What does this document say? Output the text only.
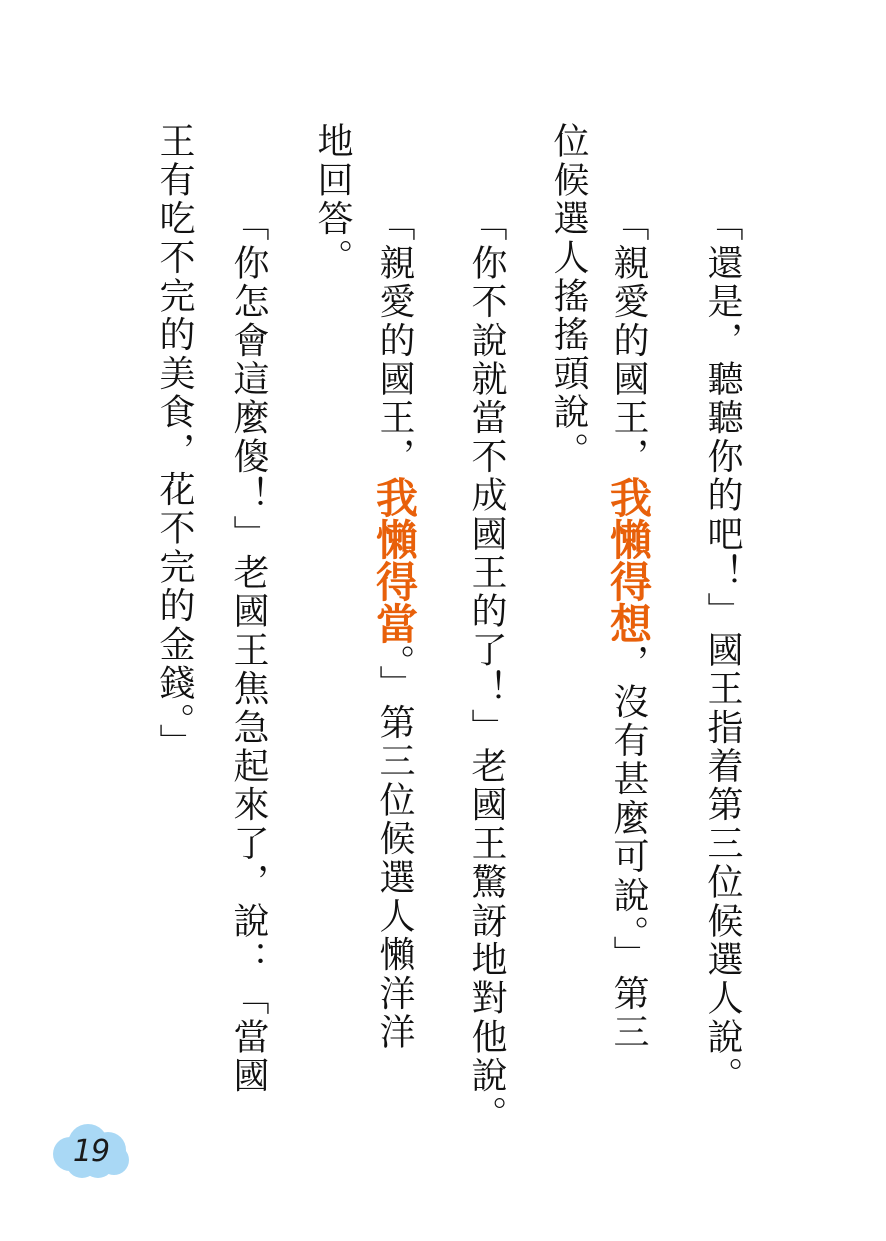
「還是，聽聽你的吧！」國王指着第三位候選人說。
「親愛的國王，我懶得想，沒有甚麼可說。」第三
位候選人搖搖頭說。
「你不說就當不成國王的了！」老國王驚訝地對他說。
「親愛的國王，我懶得當。」第三位候選人懶洋洋
地回答。
「你怎會這麼傻！」老國王焦急起來了，說：「當國
王有吃不完的美食，花不完的金錢。」
19
